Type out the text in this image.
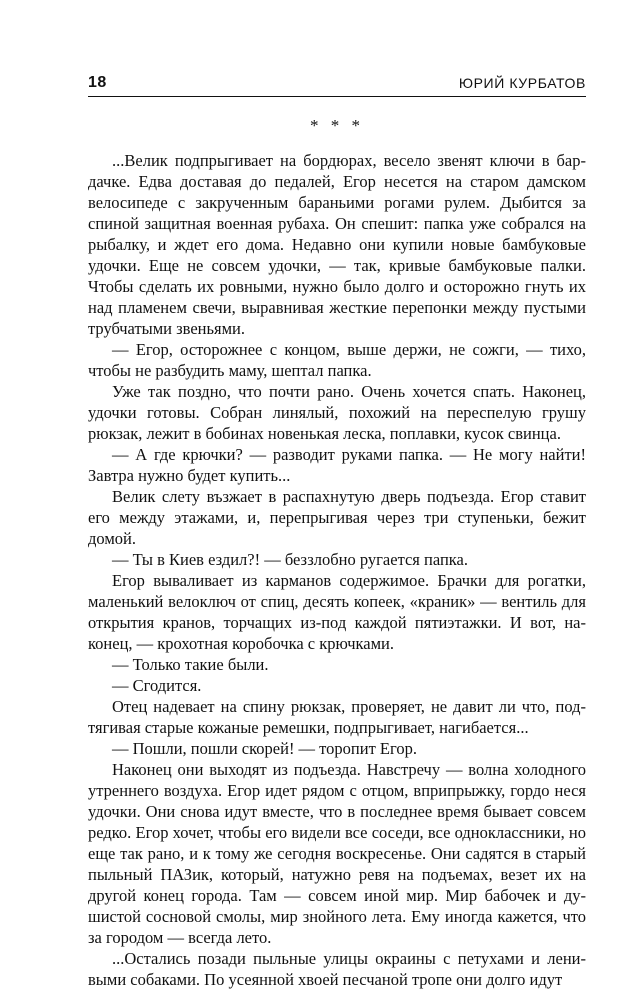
18	ЮРИЙ КУРБАТОВ
* * *

...Велик подпрыгивает на бордюрах, весело звенят ключи в бардачке. Едва доставая до педалей, Егор несется на старом дамском велосипеде с закрученным бараньими рогами рулем. Дыбится за спиной защитная военная рубаха. Он спешит: папка уже собрался на рыбалку, и ждет его дома. Недавно они купили новые бамбуковые удочки. Еще не совсем удочки, — так, кривые бамбуковые палки. Чтобы сделать их ровными, нужно было долго и осторожно гнуть их над пламенем свечи, выравнивая жесткие перепонки между пустыми трубчатыми звеньями.

— Егор, осторожнее с концом, выше держи, не сожги, — тихо, чтобы не разбудить маму, шептал папка.

Уже так поздно, что почти рано. Очень хочется спать. Наконец, удочки готовы. Собран линялый, похожий на переспелую грушу рюкзак, лежит в бобинах новенькая леска, поплавки, кусок свинца.

— А где крючки? — разводит руками папка. — Не могу найти! Завтра нужно будет купить...

Велик слету възжает в распахнутую дверь подъезда. Егор ставит его между этажами, и, перепрыгивая через три ступеньки, бежит домой.

— Ты в Киев ездил?! — беззлобно ругается папка.

Егор вываливает из карманов содержимое. Брачки для рогатки, маленький велоключ от спиц, десять копеек, «краник» — вентиль для открытия кранов, торчащих из-под каждой пятиэтажки. И вот, наконец, — крохотная коробочка с крючками.

— Только такие были.

— Сгодится.

Отец надевает на спину рюкзак, проверяет, не давит ли что, подтягивая старые кожаные ремешки, подпрыгивает, нагибается...

— Пошли, пошли скорей! — торопит Егор.

Наконец они выходят из подъезда. Навстречу — волна холодного утреннего воздуха. Егор идет рядом с отцом, вприпрыжку, гордо неся удочки. Они снова идут вместе, что в последнее время бывает совсем редко. Егор хочет, чтобы его видели все соседи, все одноклассники, но еще так рано, и к тому же сегодня воскресенье. Они садятся в старый пыльный ПАЗик, который, натужно ревя на подъемах, везет их на другой конец города. Там — совсем иной мир. Мир бабочек и душистой сосновой смолы, мир знойного лета. Ему иногда кажется, что за городом — всегда лето.

...Остались позади пыльные улицы окраины с петухами и ленивыми собаками. По усеянной хвоей песчаной тропе они долго идут
